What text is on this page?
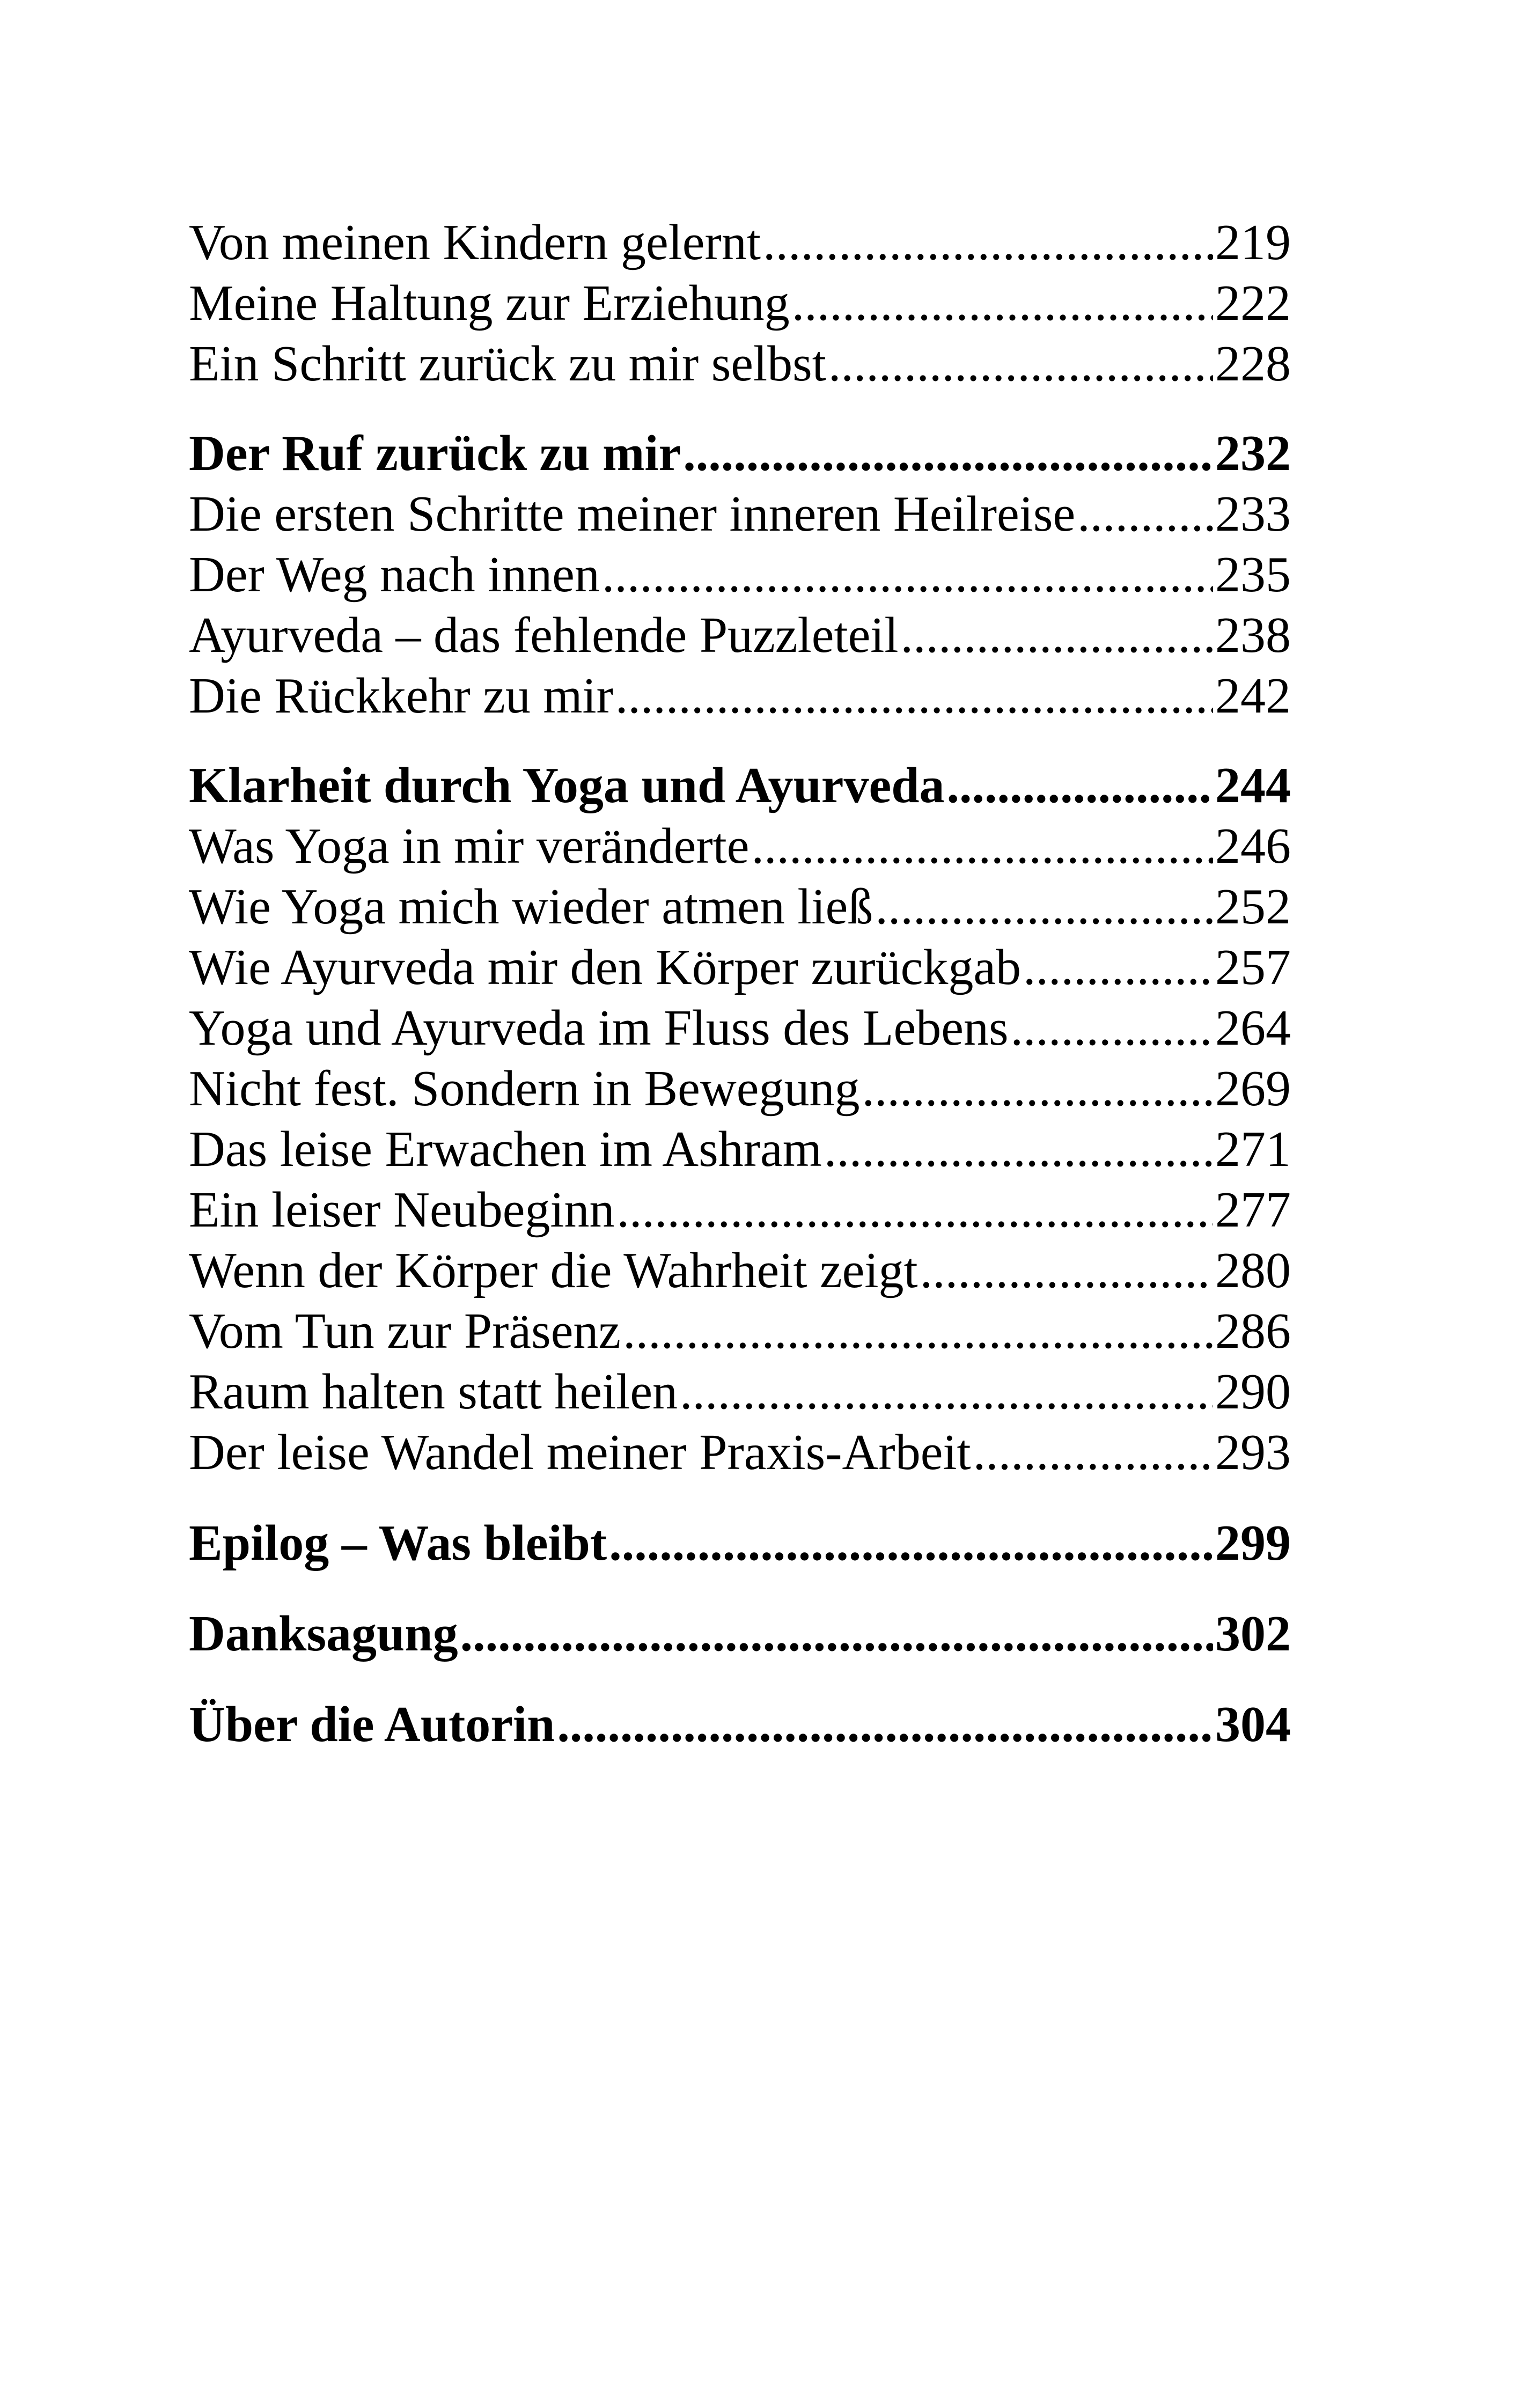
Von meinen Kindern gelernt .....	219
Meine Haltung zur Erziehung .....	222
Ein Schritt zurück zu mir selbst .....	228
Der Ruf zurück zu mir .....	232
Die ersten Schritte meiner inneren Heilreise .....	233
Der Weg nach innen .....	235
Ayurveda – das fehlende Puzzleteil .....	238
Die Rückkehr zu mir .....	242
Klarheit durch Yoga und Ayurveda .....	244
Was Yoga in mir veränderte .....	246
Wie Yoga mich wieder atmen ließ .....	252
Wie Ayurveda mir den Körper zurückgab .....	257
Yoga und Ayurveda im Fluss des Lebens .....	264
Nicht fest. Sondern in Bewegung .....	269
Das leise Erwachen im Ashram .....	271
Ein leiser Neubeginn .....	277
Wenn der Körper die Wahrheit zeigt .....	280
Vom Tun zur Präsenz .....	286
Raum halten statt heilen .....	290
Der leise Wandel meiner Praxis-Arbeit .....	293
Epilog – Was bleibt .....	299
Danksagung .....	302
Über die Autorin .....	304
